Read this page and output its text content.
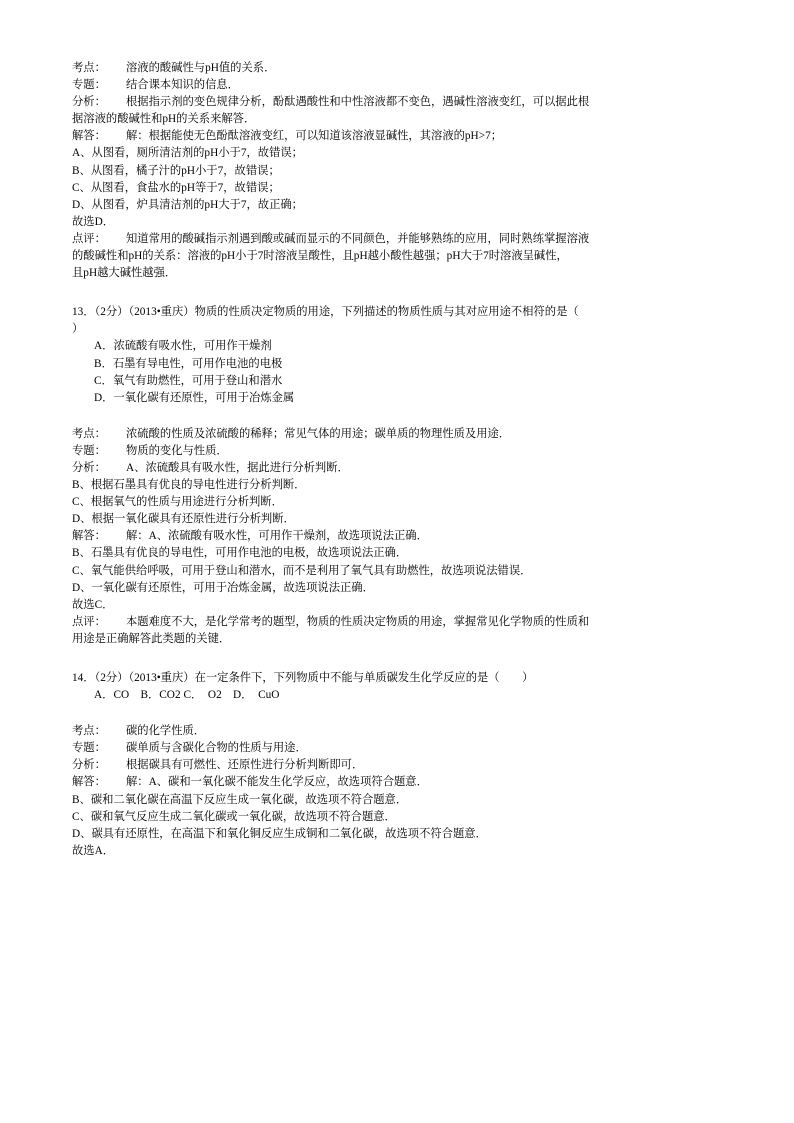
考点： 溶液的酸碱性与pH值的关系．

专题： 结合课本知识的信息．

分析： 根据指示剂的变色规律分析，酚酞遇酸性和中性溶液都不变色，遇碱性溶液变红，可以据此根

据溶液的酸碱性和pH的关系来解答．

解答： 解：根据能使无色酚酞溶液变红，可以知道该溶液显碱性，其溶液的pH>7；

A、从图看，厕所清洁剂的pH小于7，故错误；

B、从图看，橘子汁的pH小于7，故错误；

C、从图看，食盐水的pH等于7，故错误；

D、从图看，炉具清洁剂的pH大于7，故正确；

故选D．

点评： 知道常用的酸碱指示剂遇到酸或碱而显示的不同颜色，并能够熟练的应用，同时熟练掌握溶液

的酸碱性和pH的关系：溶液的pH小于7时溶液呈酸性，且pH越小酸性越强；pH大于7时溶液呈碱性，

且pH越大碱性越强．

13．（2分）（2013•重庆）物质的性质决定物质的用途，下列描述的物质性质与其对应用途不相符的是（

）

A．浓硫酸有吸水性，可用作干燥剂

B．石墨有导电性，可用作电池的电极

C．氧气有助燃性，可用于登山和潜水

D．一氧化碳有还原性，可用于冶炼金属

考点： 浓硫酸的性质及浓硫酸的稀释；常见气体的用途；碳单质的物理性质及用途．

专题： 物质的变化与性质．

分析： A、浓硫酸具有吸水性，据此进行分析判断．

B、根据石墨具有优良的导电性进行分析判断．

C、根据氧气的性质与用途进行分析判断．

D、根据一氧化碳具有还原性进行分析判断．

解答： 解：A、浓硫酸有吸水性，可用作干燥剂，故选项说法正确．

B、石墨具有优良的导电性，可用作电池的电极，故选项说法正确．

C、氧气能供给呼吸，可用于登山和潜水，而不是利用了氧气具有助燃性，故选项说法错误．

D、一氧化碳有还原性，可用于冶炼金属，故选项说法正确．

故选C．

点评： 本题难度不大，是化学常考的题型，物质的性质决定物质的用途，掌握常见化学物质的性质和

用途是正确解答此类题的关键．

14．（2分）（2013•重庆）在一定条件下，下列物质中不能与单质碳发生化学反应的是（　　）

A．CO　B．CO2 C．　O2　D．　CuO

考点： 碳的化学性质．

专题： 碳单质与含碳化合物的性质与用途．

分析： 根据碳具有可燃性、还原性进行分析判断即可．

解答： 解：A、碳和一氧化碳不能发生化学反应，故选项符合题意．

B、碳和二氧化碳在高温下反应生成一氧化碳，故选项不符合题意．

C、碳和氧气反应生成二氧化碳或一氧化碳，故选项不符合题意．

D、碳具有还原性，在高温下和氧化铜反应生成铜和二氧化碳，故选项不符合题意．

故选A．
